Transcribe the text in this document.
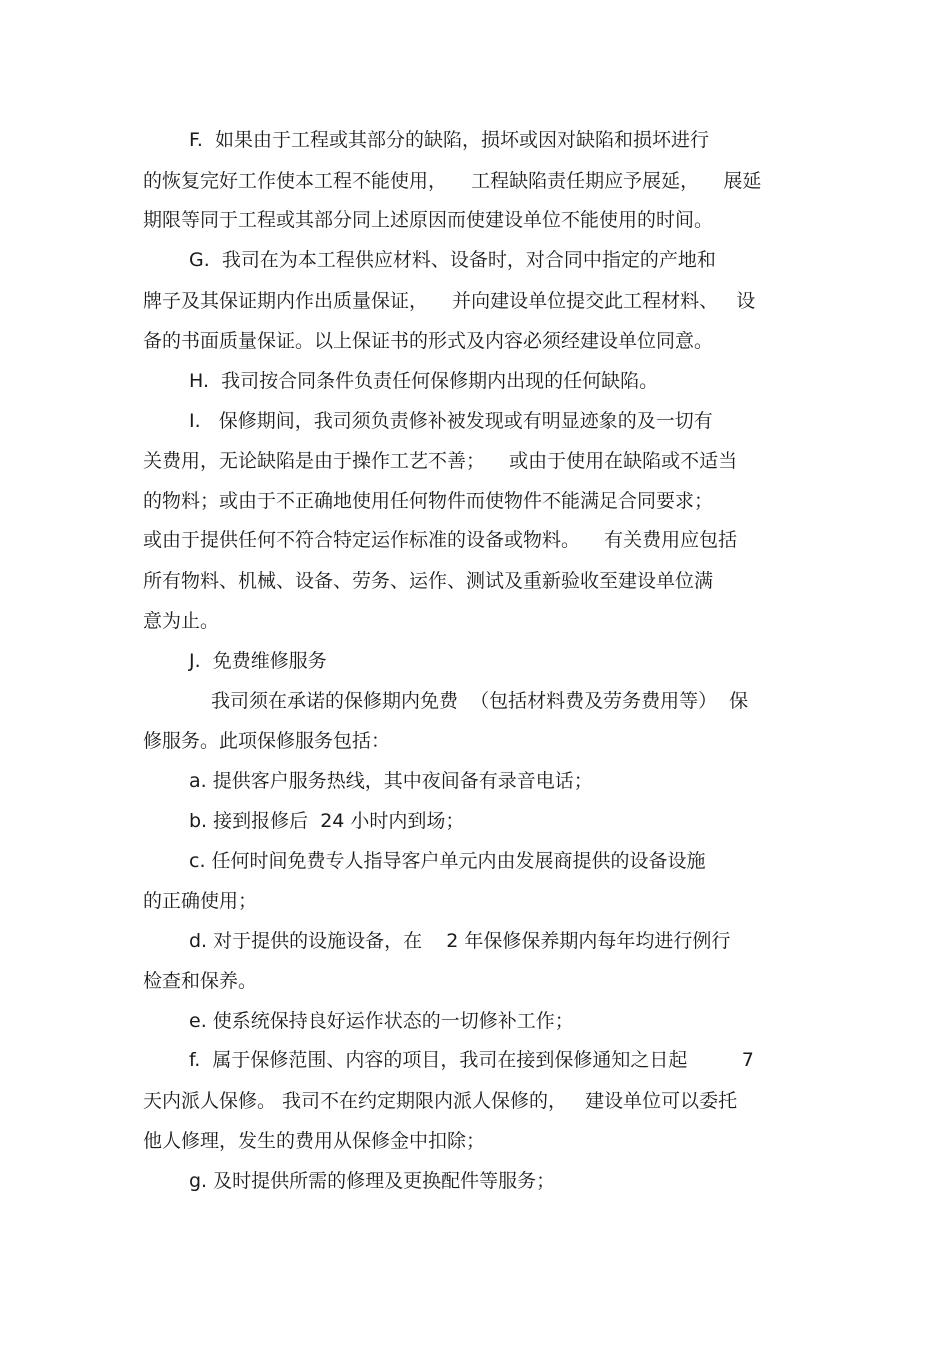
F.  如果由于工程或其部分的缺陷，损坏或因对缺陷和损坏进行

的恢复完好工作使本工程不能使用，    工程缺陷责任期应予展延，    展延

期限等同于工程或其部分同上述原因而使建设单位不能使用的时间。

G.  我司在为本工程供应材料、设备时，对合同中指定的产地和

牌子及其保证期内作出质量保证，    并向建设单位提交此工程材料、   设

备的书面质量保证。以上保证书的形式及内容必须经建设单位同意。

H.  我司按合同条件负责任何保修期内出现的任何缺陷。

I.   保修期间，我司须负责修补被发现或有明显迹象的及一切有

关费用，无论缺陷是由于操作工艺不善；    或由于使用在缺陷或不适当

的物料；或由于不正确地使用任何物件而使物件不能满足合同要求；

或由于提供任何不符合特定运作标准的设备或物料。    有关费用应包括

所有物料、机械、设备、劳务、运作、测试及重新验收至建设单位满

意为止。

J.  免费维修服务

我司须在承诺的保修期内免费  （包括材料费及劳务费用等）  保

修服务。此项保修服务包括：

a. 提供客户服务热线，其中夜间备有录音电话；

b. 接到报修后  24 小时内到场；

c. 任何时间免费专人指导客户单元内由发展商提供的设备设施

的正确使用；

d. 对于提供的设施设备，在    2 年保修保养期内每年均进行例行

检查和保养。

e. 使系统保持良好运作状态的一切修补工作；

f.  属于保修范围、内容的项目，我司在接到保修通知之日起         7

天内派人保修。 我司不在约定期限内派人保修的，   建设单位可以委托

他人修理，发生的费用从保修金中扣除；

g. 及时提供所需的修理及更换配件等服务；
